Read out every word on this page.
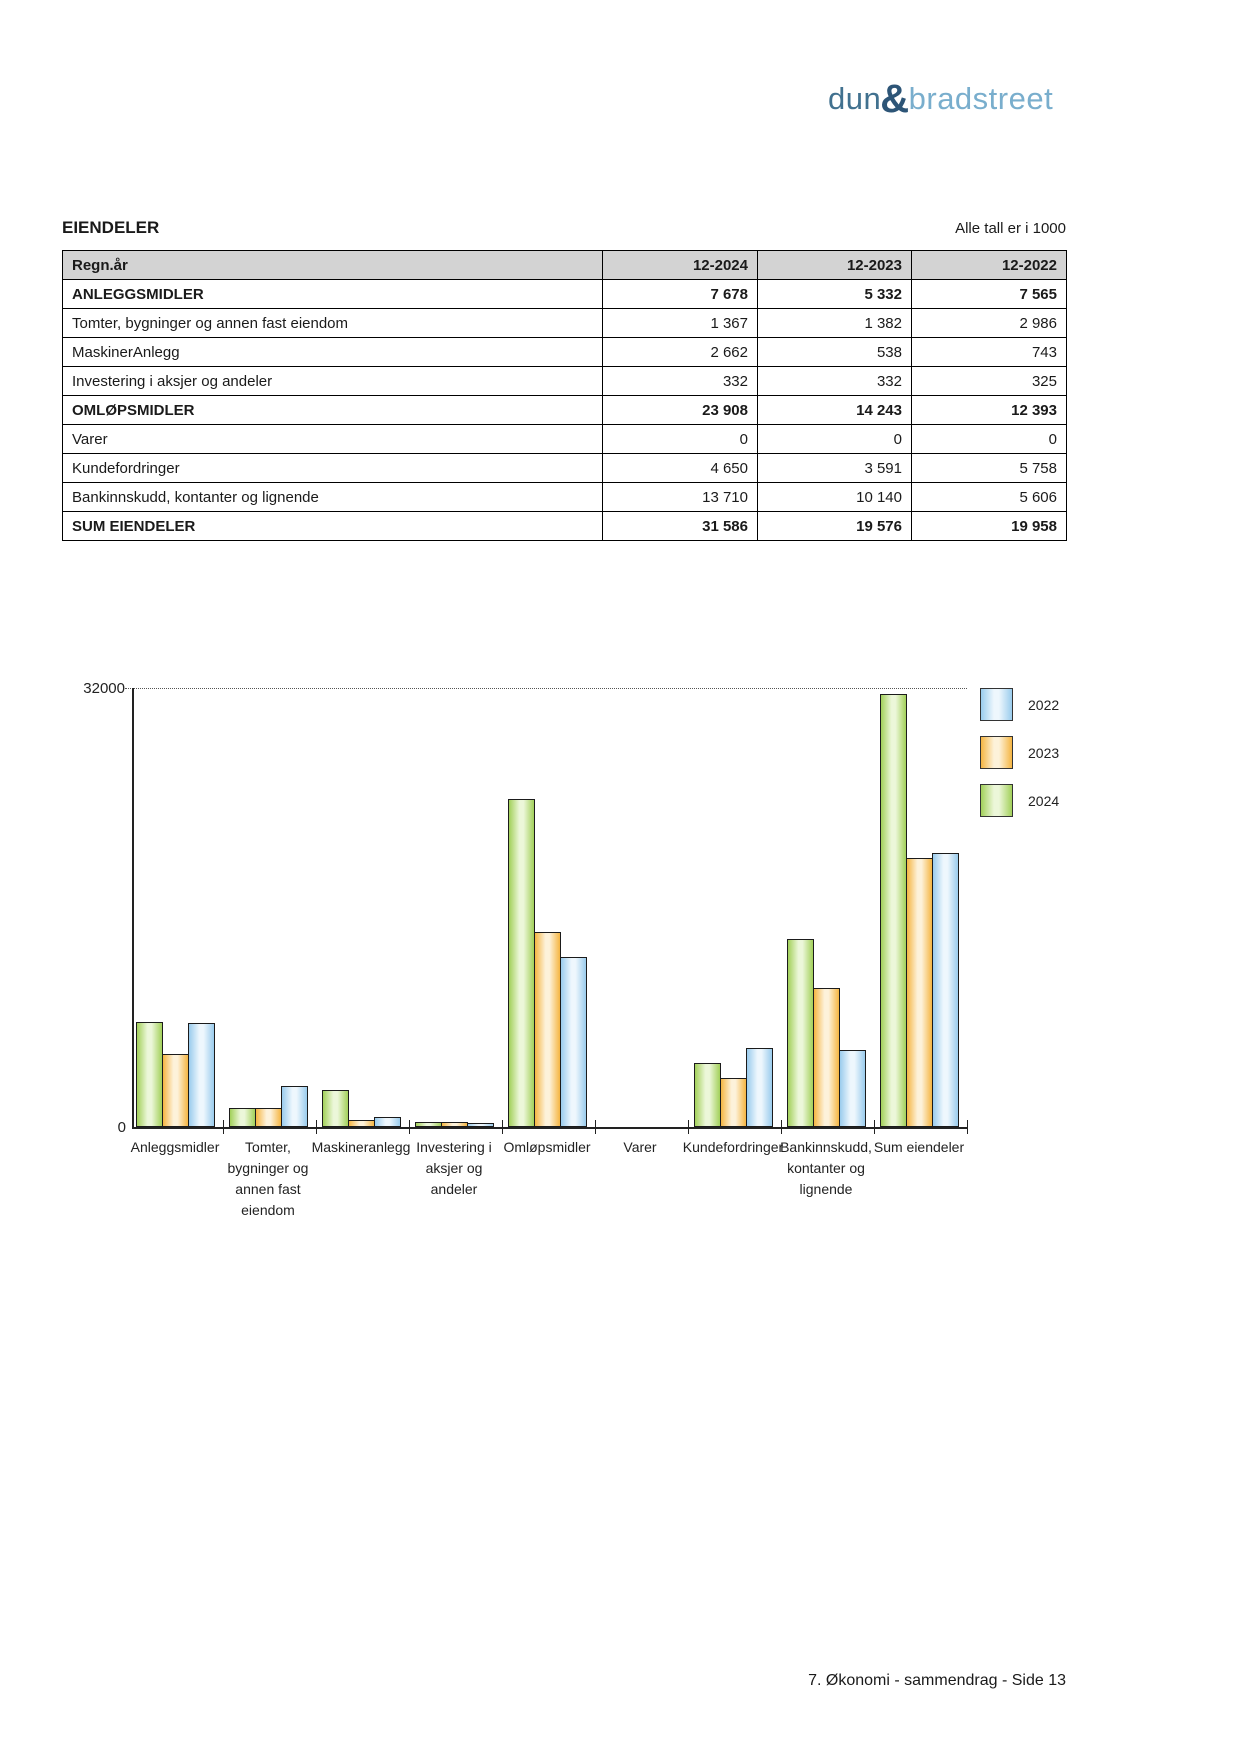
dun&bradstreet
EIENDELER	Alle tall er i 1000
Regn.år	12-2024	12-2023	12-2022
ANLEGGSMIDLER	7 678	5 332	7 565
Tomter, bygninger og annen fast eiendom	1 367	1 382	2 986
MaskinerAnlegg	2 662	538	743
Investering i aksjer og andeler	332	332	325
OMLØPSMIDLER	23 908	14 243	12 393
Varer	0	0	0
Kundefordringer	4 650	3 591	5 758
Bankinnskudd, kontanter og lignende	13 710	10 140	5 606
SUM EIENDELER	31 586	19 576	19 958
32000
0
Anleggsmidler	Tomter,
bygninger og
annen fast
eiendom
Maskineranlegg Investering i
aksjer og
andeler
Omløpsmidler	Varer	Kundefordringer
Bankinnskudd,
kontanter og
lignende
Sum eiendeler
2022
2023
2024
7. Økonomi - sammendrag - Side 13
